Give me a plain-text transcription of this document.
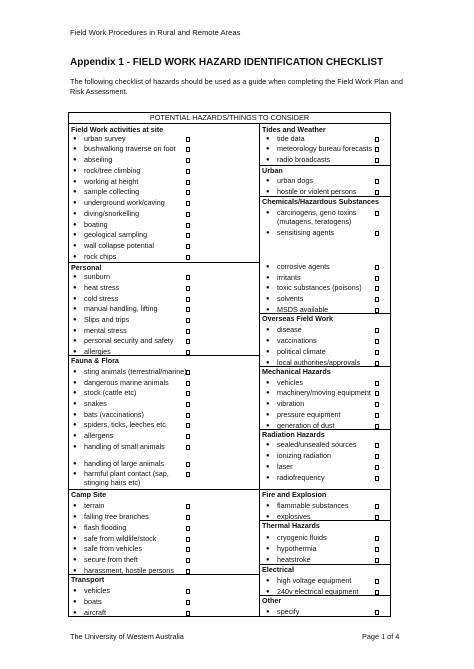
Field Work Procedures in Rural and Remote Areas
Appendix 1 - FIELD WORK HAZARD IDENTIFICATION CHECKLIST
The following checklist of hazards should be used as a guide when completing the Field Work Plan and Risk Assessment.
POTENTIAL HAZARDS/THINGS TO CONSIDER
Field Work activities at site
● urban survey
● bushwalking traverse on foot
● abseiling
● rock/tree climbing
● working at height
● sample collecting
● underground work/caving
● diving/snorkelling
● boating
● geological sampling
● wall collapse potential
● rock chips
Personal
● sunburn
● heat stress
● cold stress
● manual handling, lifting
● Slips and trips
● mental stress
● personal security and safety
● allergies
Fauna & Flora
● sting animals (terrestrial/marine)
● dangerous marine animals
● stock (cattle etc)
● snakes
● bats (vaccinations)
● spiders, ticks, leeches etc
● allergens
● handling of small animals
● handling of large animals
● harmful plant contact (sap, stinging hairs etc)
Camp Site
● terrain
● falling tree branches
● flash flooding
● safe from wildlife/stock
● safe from vehicles
● secure from theft
● harassment, hostile persons
Transport
● vehicles
● boats
● aircraft
Tides and Weather
● tide data
● meteorology bureau forecasts
● radio broadcasts
Urban
● urban dogs
● hostile or violent persons
Chemicals/Hazardous Substances
● carcinogens, geno toxins (mutagens, teratogens)
● sensitising agents
● corrosive agents
● irritants
● toxic substances (poisons)
● solvents
● MSDS available
Overseas Field Work
● disease
● vaccinations
● political climate
● local authorities/approvals
Mechanical Hazards
● vehicles
● machinery/moving equipment
● vibration
● pressure equipment
● generation of dust
Radiation Hazards
● sealed/unsealed sources
● ionizing radiation
● laser
● radiofrequency
Fire and Explosion
● flammable substances
● explosives
Thermal Hazards
● cryogenic fluids
● hypothermia
● heatstroke
Electrical
● high voltage equipment
● 240v electrical equipment
Other
● specify
The University of Western Australia	Page 1 of 4
